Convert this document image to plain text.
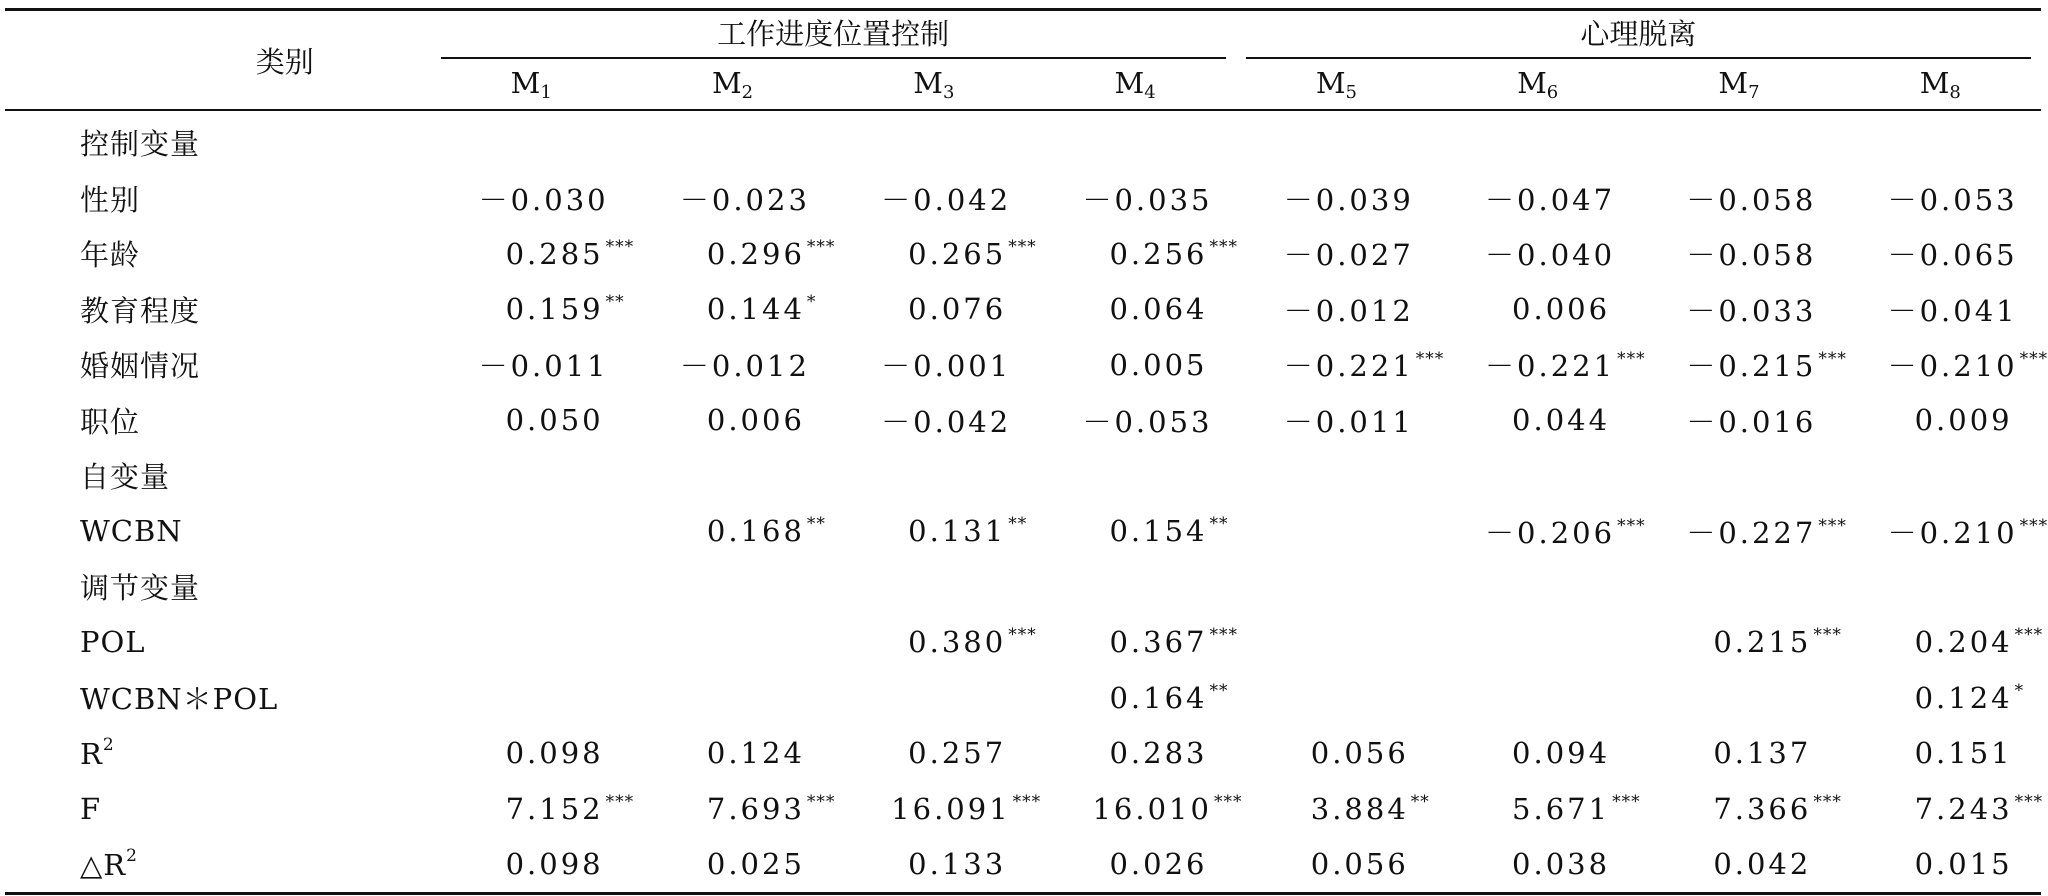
类别	工作进度位置控制				心理脱离			

	M1	M2	M3	M4	M5	M6	M7	M8
控制变量								
性别	－0.030	－0.023	－0.042	－0.035	－0.039	－0.047	－0.058	－0.053
年龄	0.285 ***	0.296 ***	0.265 ***	0.256 ***	－0.027	－0.040	－0.058	－0.065
教育程度	0.159 **	0.144 *	0.076	0.064	－0.012	0.006	－0.033	－0.041
婚姻情况	－0.011	－0.012	－0.001	0.005	－0.221 ***	－0.221 ***	－0.215 ***	－0.210 ***
职位	0.050	0.006	－0.042	－0.053	－0.011	0.044	－0.016	0.009
自变量								
WCBN		0.168 **	0.131 **	0.154 **		－0.206 ***	－0.227 ***	－0.210 ***
调节变量								
POL			0.380 ***	0.367 ***			0.215 ***	0.204 ***
WCBN＊POL				0.164 **				0.124 *
$R^2$	0.098	0.124	0.257	0.283	0.056	0.094	0.137	0.151
F	7.152 ***	7.693 ***	16.091 ***	16.010 ***	3.884 **	5.671 ***	7.366 ***	7.243 ***
$\triangle R^2$	0.098	0.025	0.133	0.026	0.056	0.038	0.042	0.015
